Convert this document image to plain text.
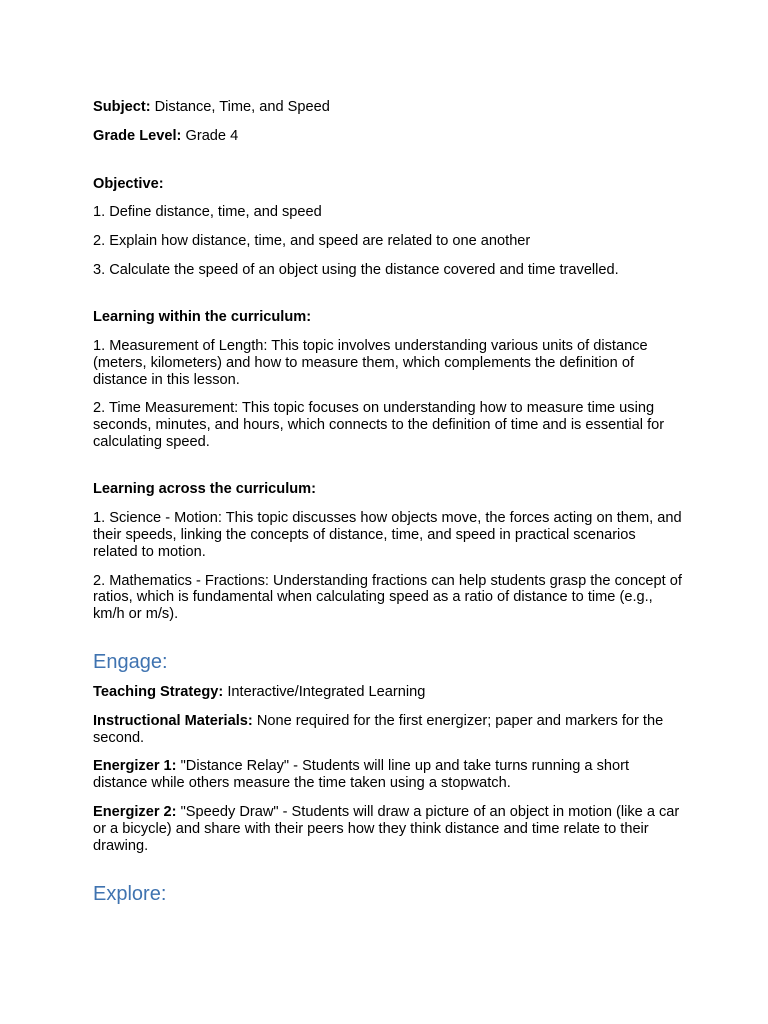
Subject: Distance, Time, and Speed

Grade Level: Grade 4

Objective:

1. Define distance, time, and speed

2. Explain how distance, time, and speed are related to one another

3. Calculate the speed of an object using the distance covered and time travelled.

Learning within the curriculum:

1. Measurement of Length: This topic involves understanding various units of distance (meters, kilometers) and how to measure them, which complements the definition of distance in this lesson.

2. Time Measurement: This topic focuses on understanding how to measure time using seconds, minutes, and hours, which connects to the definition of time and is essential for calculating speed.

Learning across the curriculum:

1. Science - Motion: This topic discusses how objects move, the forces acting on them, and their speeds, linking the concepts of distance, time, and speed in practical scenarios related to motion.

2. Mathematics - Fractions: Understanding fractions can help students grasp the concept of ratios, which is fundamental when calculating speed as a ratio of distance to time (e.g., km/h or m/s).

Engage:

Teaching Strategy: Interactive/Integrated Learning

Instructional Materials: None required for the first energizer; paper and markers for the second.

Energizer 1: "Distance Relay" - Students will line up and take turns running a short distance while others measure the time taken using a stopwatch.

Energizer 2: "Speedy Draw" - Students will draw a picture of an object in motion (like a car or a bicycle) and share with their peers how they think distance and time relate to their drawing.

Explore:
